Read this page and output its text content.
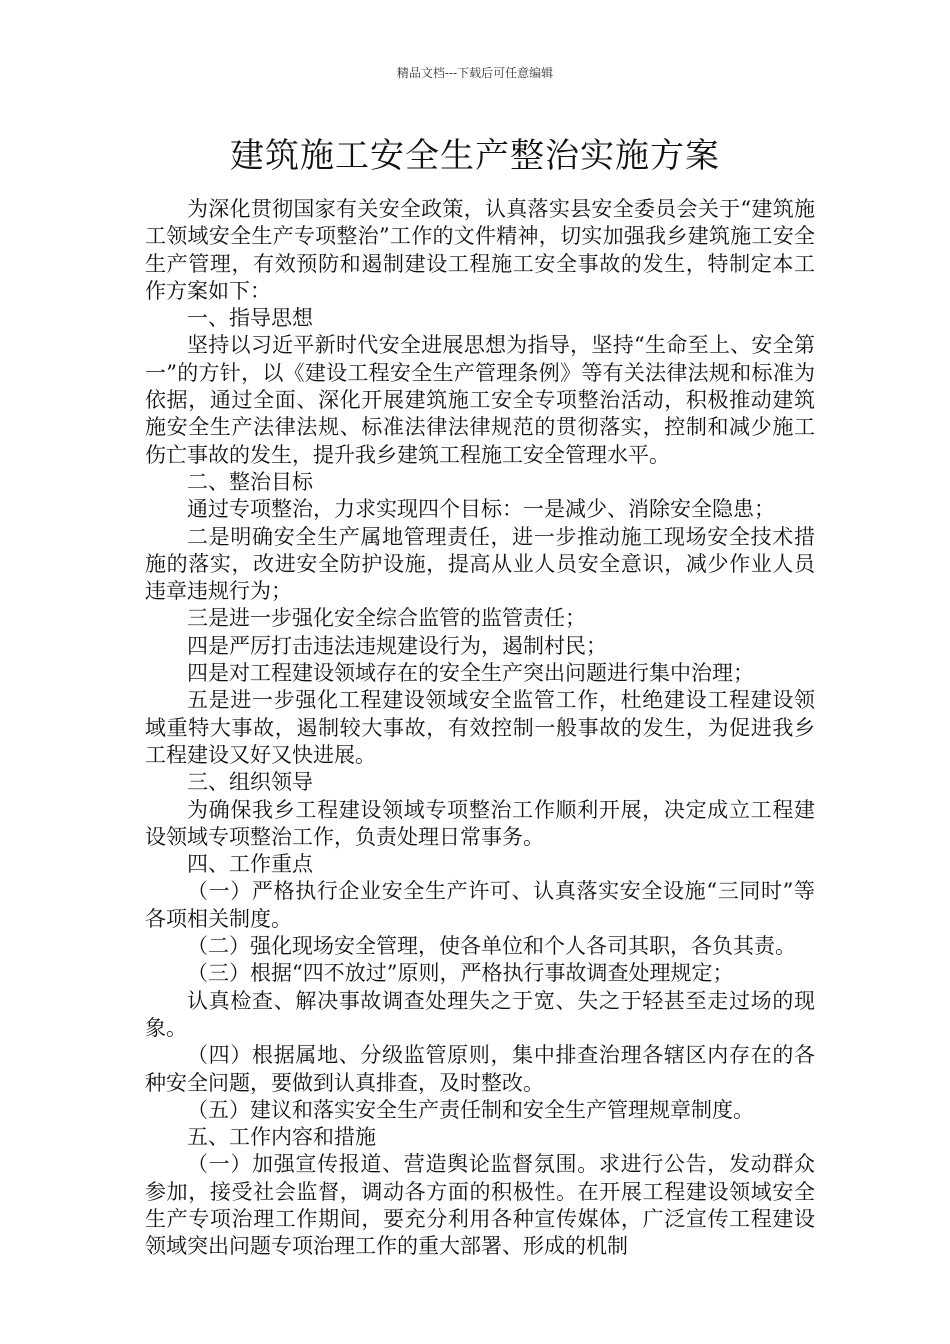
精品文档---下载后可任意编辑
建筑施工安全生产整治实施方案

为深化贯彻国家有关安全政策，认真落实县安全委员会关于“建筑施工领域安全生产专项整治”工作的文件精神，切实加强我乡建筑施工安全生产管理，有效预防和遏制建设工程施工安全事故的发生，特制定本工作方案如下：

一、指导思想

坚持以习近平新时代安全进展思想为指导，坚持“生命至上、安全第一”的方针，以《建设工程安全生产管理条例》等有关法律法规和标准为依据，通过全面、深化开展建筑施工安全专项整治活动，积极推动建筑施安全生产法律法规、标准法律法律规范的贯彻落实，控制和减少施工伤亡事故的发生，提升我乡建筑工程施工安全管理水平。

二、整治目标

通过专项整治，力求实现四个目标：一是减少、消除安全隐患；

二是明确安全生产属地管理责任，进一步推动施工现场安全技术措施的落实，改进安全防护设施，提高从业人员安全意识，减少作业人员违章违规行为；

三是进一步强化安全综合监管的监管责任；

四是严厉打击违法违规建设行为，遏制村民；

四是对工程建设领域存在的安全生产突出问题进行集中治理；

五是进一步强化工程建设领域安全监管工作，杜绝建设工程建设领域重特大事故，遏制较大事故，有效控制一般事故的发生，为促进我乡工程建设又好又快进展。

三、组织领导

为确保我乡工程建设领域专项整治工作顺利开展，决定成立工程建设领域专项整治工作，负责处理日常事务。

四、工作重点

（一）严格执行企业安全生产许可、认真落实安全设施“三同时”等各项相关制度。

（二）强化现场安全管理，使各单位和个人各司其职，各负其责。

（三）根据“四不放过”原则，严格执行事故调查处理规定；

认真检查、解决事故调查处理失之于宽、失之于轻甚至走过场的现象。

（四）根据属地、分级监管原则，集中排查治理各辖区内存在的各种安全问题，要做到认真排查，及时整改。

（五）建议和落实安全生产责任制和安全生产管理规章制度。

五、工作内容和措施

（一）加强宣传报道、营造舆论监督氛围。求进行公告，发动群众参加，接受社会监督，调动各方面的积极性。在开展工程建设领域安全生产专项治理工作期间，要充分利用各种宣传媒体，广泛宣传工程建设领域突出问题专项治理工作的重大部署、形成的机制
